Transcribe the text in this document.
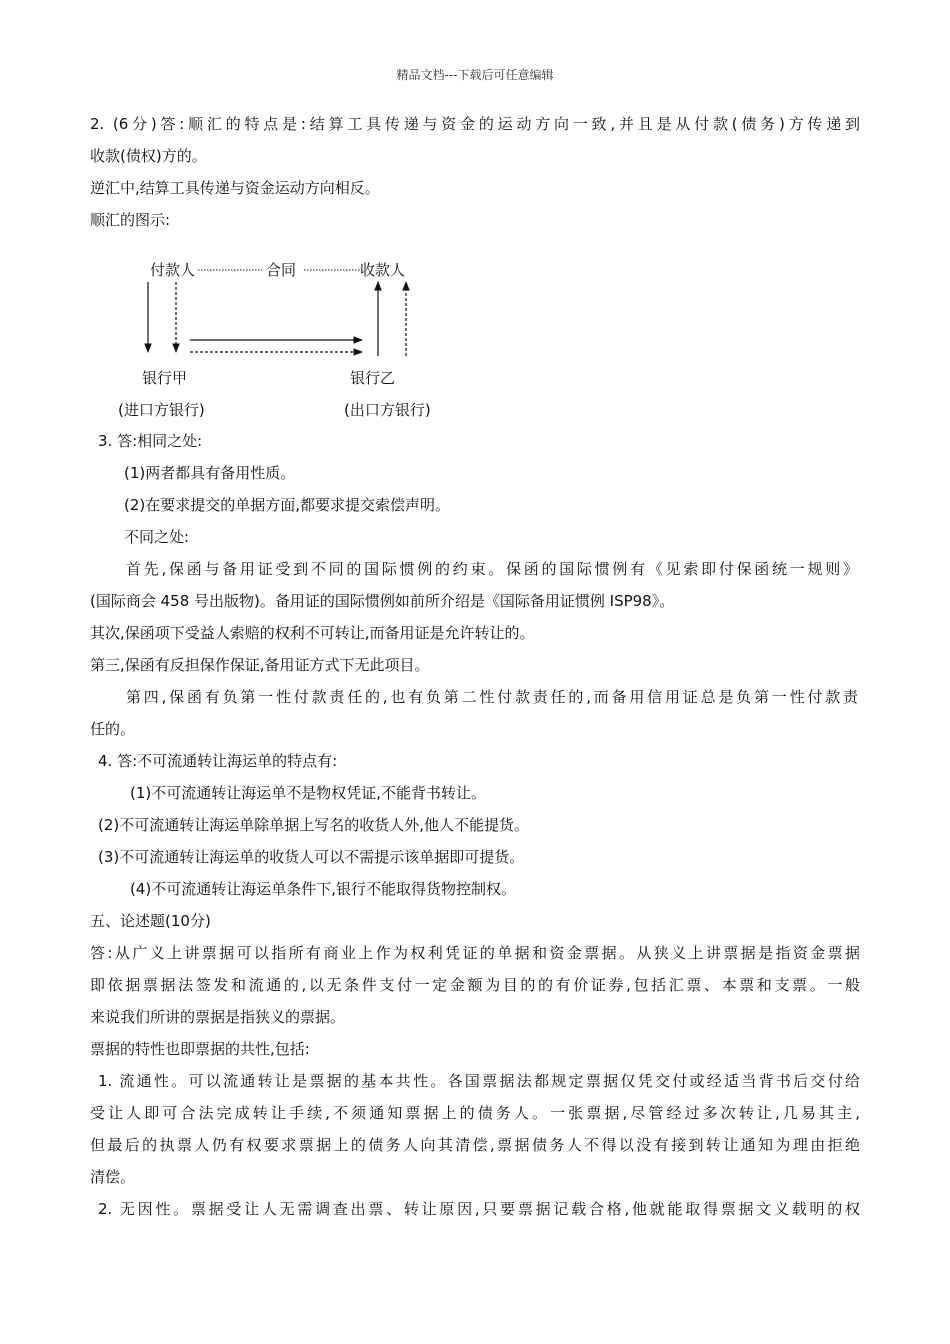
精品文档---下载后可任意编辑
2. (6分)答:顺汇的特点是:结算工具传递与资金的运动方向一致,并且是从付款(债务)方传递到
收款(债权)方的。
逆汇中,结算工具传递与资金运动方向相反。
顺汇的图示:
付款人	合同	收款人
银行甲	银行乙
(进口方银行)	(出口方银行)
3. 答:相同之处:
(1)两者都具有备用性质。
(2)在要求提交的单据方面,都要求提交索偿声明。
不同之处:
首先,保函与备用证受到不同的国际惯例的约束。保函的国际惯例有《见索即付保函统一规则》
(国际商会 458 号出版物)。备用证的国际惯例如前所介绍是《国际备用证惯例 ISP98》。
其次,保函项下受益人索赔的权利不可转让,而备用证是允许转让的。
第三,保函有反担保作保证,备用证方式下无此项目。
第四,保函有负第一性付款责任的,也有负第二性付款责任的,而备用信用证总是负第一性付款责
任的。
4. 答:不可流通转让海运单的特点有:
(1)不可流通转让海运单不是物权凭证,不能背书转让。
(2)不可流通转让海运单除单据上写名的收货人外,他人不能提货。
(3)不可流通转让海运单的收货人可以不需提示该单据即可提货。
(4)不可流通转让海运单条件下,银行不能取得货物控制权。
五、论述题(10分)
答:从广义上讲票据可以指所有商业上作为权利凭证的单据和资金票据。从狭义上讲票据是指资金票据
即依据票据法签发和流通的,以无条件支付一定金额为目的的有价证券,包括汇票、本票和支票。一般
来说我们所讲的票据是指狭义的票据。
票据的特性也即票据的共性,包括:
1. 流通性。可以流通转让是票据的基本共性。各国票据法都规定票据仅凭交付或经适当背书后交付给
受让人即可合法完成转让手续,不须通知票据上的债务人。一张票据,尽管经过多次转让,几易其主,
但最后的执票人仍有权要求票据上的债务人向其清偿,票据债务人不得以没有接到转让通知为理由拒绝
清偿。
2. 无因性。票据受让人无需调查出票、转让原因,只要票据记载合格,他就能取得票据文义载明的权
